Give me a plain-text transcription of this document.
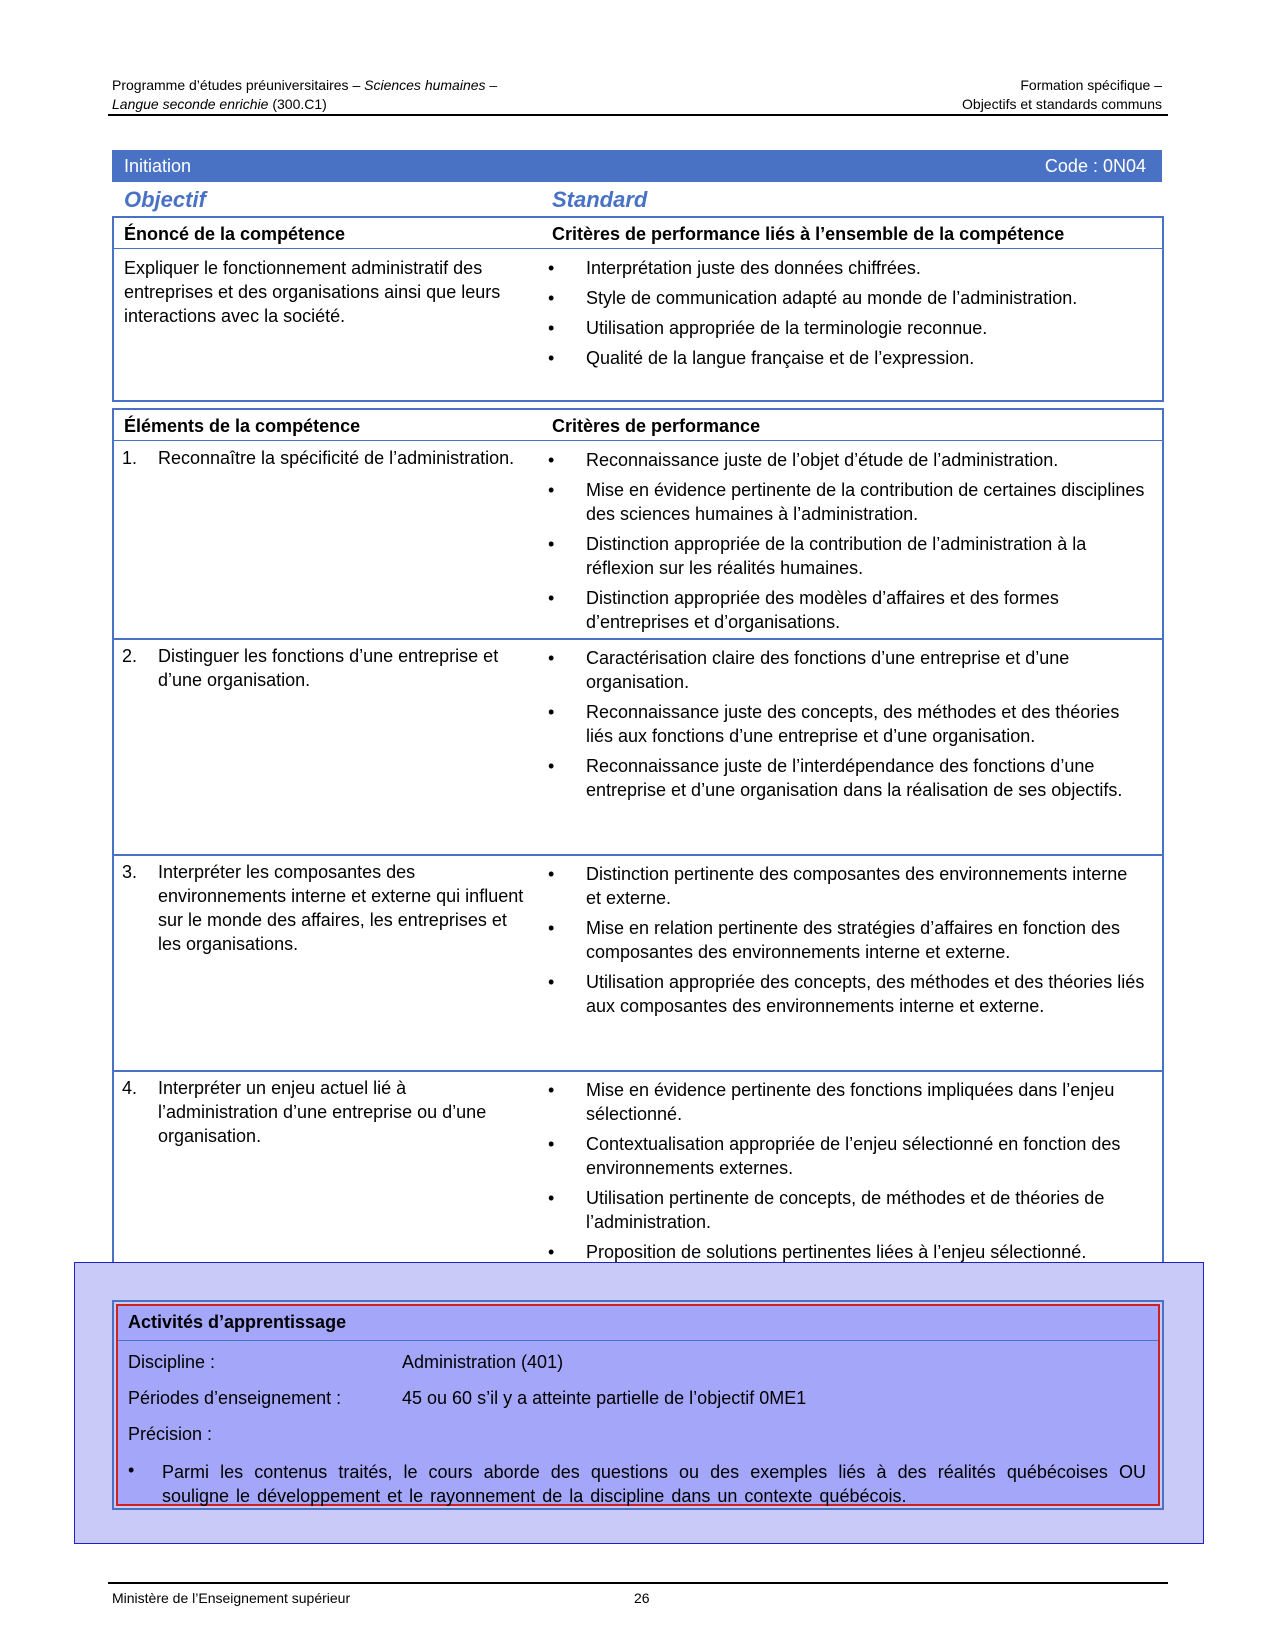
Programme d’études préuniversitaires – Sciences humaines –	Formation spécifique –
Langue seconde enrichie (300.C1)	Objectifs et standards communs
Initiation	Code : 0N04
Objectif	Standard
Énoncé de la compétence	Critères de performance liés à l’ensemble de la compétence
Expliquer le fonctionnement administratif des entreprises et des organisations ainsi que leurs interactions avec la société.
• Interprétation juste des données chiffrées.
• Style de communication adapté au monde de l’administration.
• Utilisation appropriée de la terminologie reconnue.
• Qualité de la langue française et de l’expression.
Éléments de la compétence	Critères de performance
1. Reconnaître la spécificité de l’administration.
•	Reconnaissance juste de l’objet d’étude de l’administration.
• Mise en évidence pertinente de la contribution de certaines disciplines des sciences humaines à l’administration.
• Distinction appropriée de la contribution de l’administration à la réflexion sur les réalités humaines.
• Distinction appropriée des modèles d’affaires et des formes d’entreprises et d’organisations.
2. Distinguer les fonctions d’une entreprise et d’une organisation.
• Caractérisation claire des fonctions d’une entreprise et d’une organisation.
• Reconnaissance juste des concepts, des méthodes et des théories liés aux fonctions d’une entreprise et d’une organisation.
• Reconnaissance juste de l’interdépendance des fonctions d’une entreprise et d’une organisation dans la réalisation de ses objectifs.
3. Interpréter les composantes des environnements interne et externe qui influent sur le monde des affaires, les entreprises et les organisations.
• Distinction pertinente des composantes des environnements interne et externe.
• Mise en relation pertinente des stratégies d’affaires en fonction des composantes des environnements interne et externe.
• Utilisation appropriée des concepts, des méthodes et des théories liés aux composantes des environnements interne et externe.
4. Interpréter un enjeu actuel lié à l’administration d’une entreprise ou d’une organisation.
• Mise en évidence pertinente des fonctions impliquées dans l’enjeu sélectionné.
• Contextualisation appropriée de l’enjeu sélectionné en fonction des environnements externes.
• Utilisation pertinente de concepts, de méthodes et de théories de l’administration.
• Proposition de solutions pertinentes liées à l’enjeu sélectionné.
Activités d’apprentissage
Discipline :	Administration (401)
Périodes d’enseignement :	45 ou 60 s’il y a atteinte partielle de l’objectif 0ME1
Précision :
• Parmi les contenus traités, le cours aborde des questions ou des exemples liés à des réalités québécoises OU souligne le développement et le rayonnement de la discipline dans un contexte québécois.
Ministère de l’Enseignement supérieur	26
